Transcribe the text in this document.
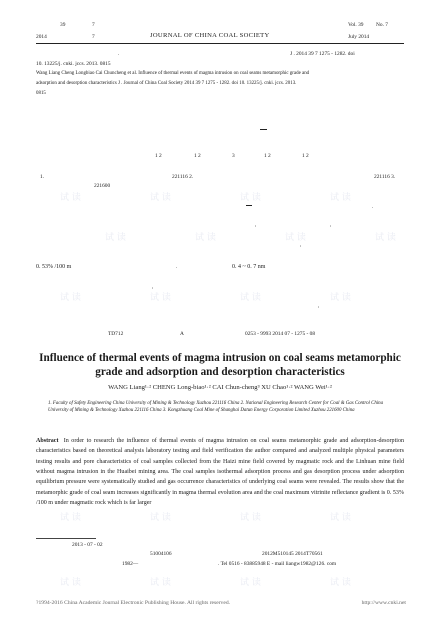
39	7
2014	7	JOURNAL OF CHINA COAL SOCIETY
Vol. 39 No. 7
July 2014
.	J . 2014 39 7 1275 - 1282. doi
10. 13225/j. cnki. jccs. 2013. 0815
Wang Liang Cheng Longbiao Cai Chuncheng et al. Influence of thermal events of magma intrusion on coal seams metamorphic grade and
adsorption and desorption characteristics J . Journal of China Coal Society 2014 39 7 1275 - 1282. doi 10. 13225/j. cnki. jccs. 2013.
0815
1 2	1 2	3	1 2	1 2
1.	221116 2.	221116 3.
221600
.
,	,
,
0. 53% /100 m	.	0. 4 ~ 0. 7 nm
,
,
TD712	A	0253 - 9993 2014 07 - 1275 - 08
Influence of thermal events of magma intrusion on coal seams metamorphic grade and adsorption and desorption characteristics
WANG Liang¹·² CHENG Long-biao¹·² CAI Chun-cheng³ XU Chao¹·² WANG Wei¹·²
1. Faculty of Safety Engineering China University of Mining & Technology Xuzhou 221116 China 2. National Engineering Research Center for Coal & Gas Control China University of Mining & Technology Xuzhou 221116 China 3. Kongzhuang Coal Mine of Shanghai Datun Energy Corporation Limited Xuzhou 221600 China
Abstract In order to research the influence of thermal events of magma intrusion on coal seams metamorphic grade and adsorption-desorption characteristics based on theoretical analysis laboratory testing and field verification the author compared and analyzed multiple physical parameters testing results and pore characteristics of coal samples collected from the Haizi mine field covered by magmatic rock and the Linhuan mine field without magma intrusion in the Huaibei mining area. The coal samples isothermal adsorption process and gas desorption process under adsorption equilibrium pressure were systematically studied and gas occurrence characteristics of underlying coal seams were revealed. The results show that the metamorphic grade of coal seam increases significantly in magma thermal evolution area and the coal maximum vitrinite reflectance gradient is 0. 53% /100 m under magmatic rock which is far larger
2013 - 07 - 02
51004106	2012M510145 2014T70561
1982—	. Tel 0516 - 83885948 E - mail liangw1982@126. com
试 读	试 读	试 读	试 读
试 读	试 读	试 读	试 读
试 读	试 读	试 读	试 读
试 读	试 读	试 读	试 读
试 读	试 读	试 读	试 读
?1994-2016 China Academic Journal Electronic Publishing House. All rights reserved.	http://www.cnki.net
